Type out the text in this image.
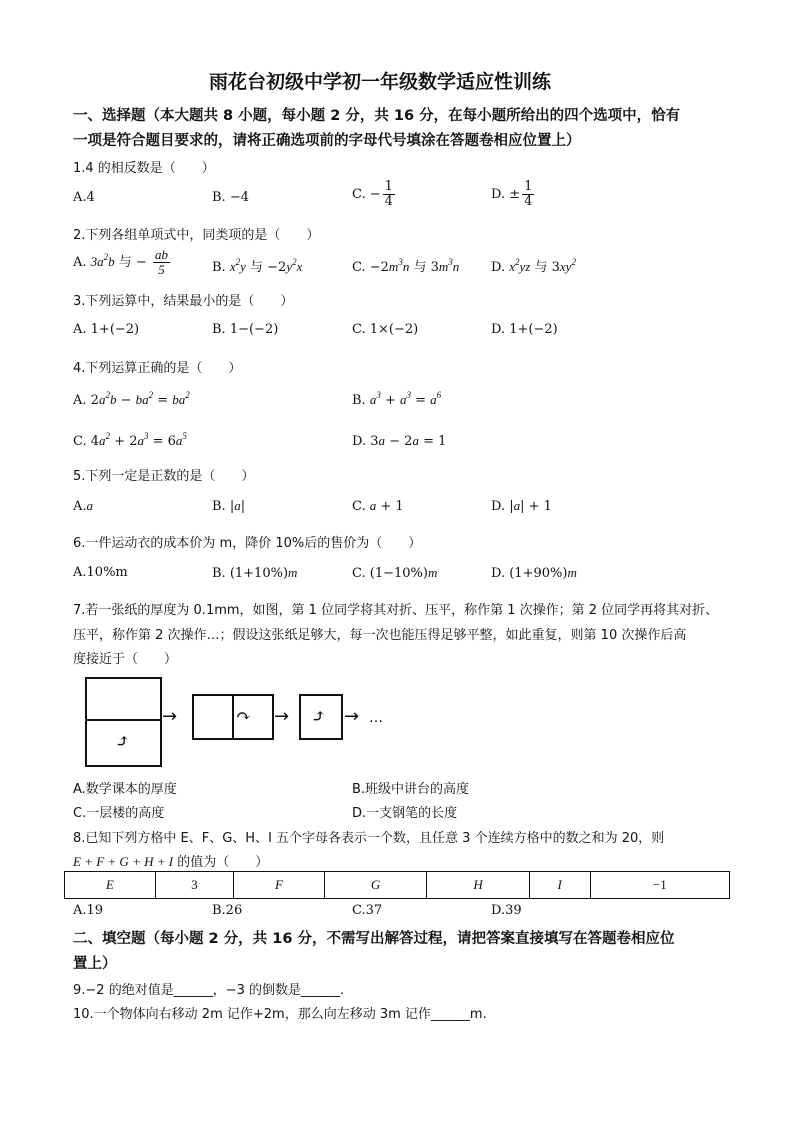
雨花台初级中学初一年级数学适应性训练
一、选择题（本大题共 8 小题，每小题 2 分，共 16 分，在每小题所给出的四个选项中，恰有
一项是符合题目要求的，请将正确选项前的字母代号填涂在答题卷相应位置上）
1.4 的相反数是（　　）
A.4	B. −4	C. − $\frac{1}{4}$	D. ± $\frac{1}{4}$
2.下列各组单项式中，同类项的是（　　）
A. $3a^2b$ 与 − $\frac{ab}{5}$	B. $x^2y$ 与 $-2y^2x$	C. $-2m^3n$ 与 $3m^3n$ D. $x^2yz$ 与 $3xy^2$
3.下列运算中，结果最小的是（　　）
A. 1+(−2)	B. 1−(−2)	C. 1×(−2)	D. 1+(−2)
4.下列运算正确的是（　　）
A. $2a^2b - ba^2 = ba^2$	B. $a^3 + a^3 = a^6$
C. $4a^2 + 2a^3 = 6a^5$	D. 3a − 2a = 1
5.下列一定是正数的是（　　）
A.a	B. |a|	C. a + 1	D. |a| + 1
6.一件运动衣的成本价为 m，降价 10%后的售价为（　　）
A.10%m	B. (1+10%)m	C. (1−10%)m	D. (1+90%)m
7.若一张纸的厚度为 0.1mm，如图，第 1 位同学将其对折、压平，称作第 1 次操作；第 2 位同学再将其对折、
压平，称作第 2 次操作…；假设这张纸足够大，每一次也能压得足够平整，如此重复，则第 10 次操作后高
度接近于（　　）
⤴
→	↷ → ⤴ → …
A.数学课本的厚度	B.班级中讲台的高度
C.一层楼的高度	D.一支钢笔的长度
8.已知下列方格中 E、F、G、H、I 五个字母各表示一个数，且任意 3 个连续方格中的数之和为 20，则
E + F + G + H + I 的值为（　　）
E	3	F	G	H	I	−1
A.19	B.26	C.37	D.39
二、填空题（每小题 2 分，共 16 分，不需写出解答过程，请把答案直接填写在答题卷相应位
置上）
9.−2 的绝对值是______，−3 的倒数是______.
10.一个物体向右移动 2m 记作+2m，那么向左移动 3m 记作______m.
